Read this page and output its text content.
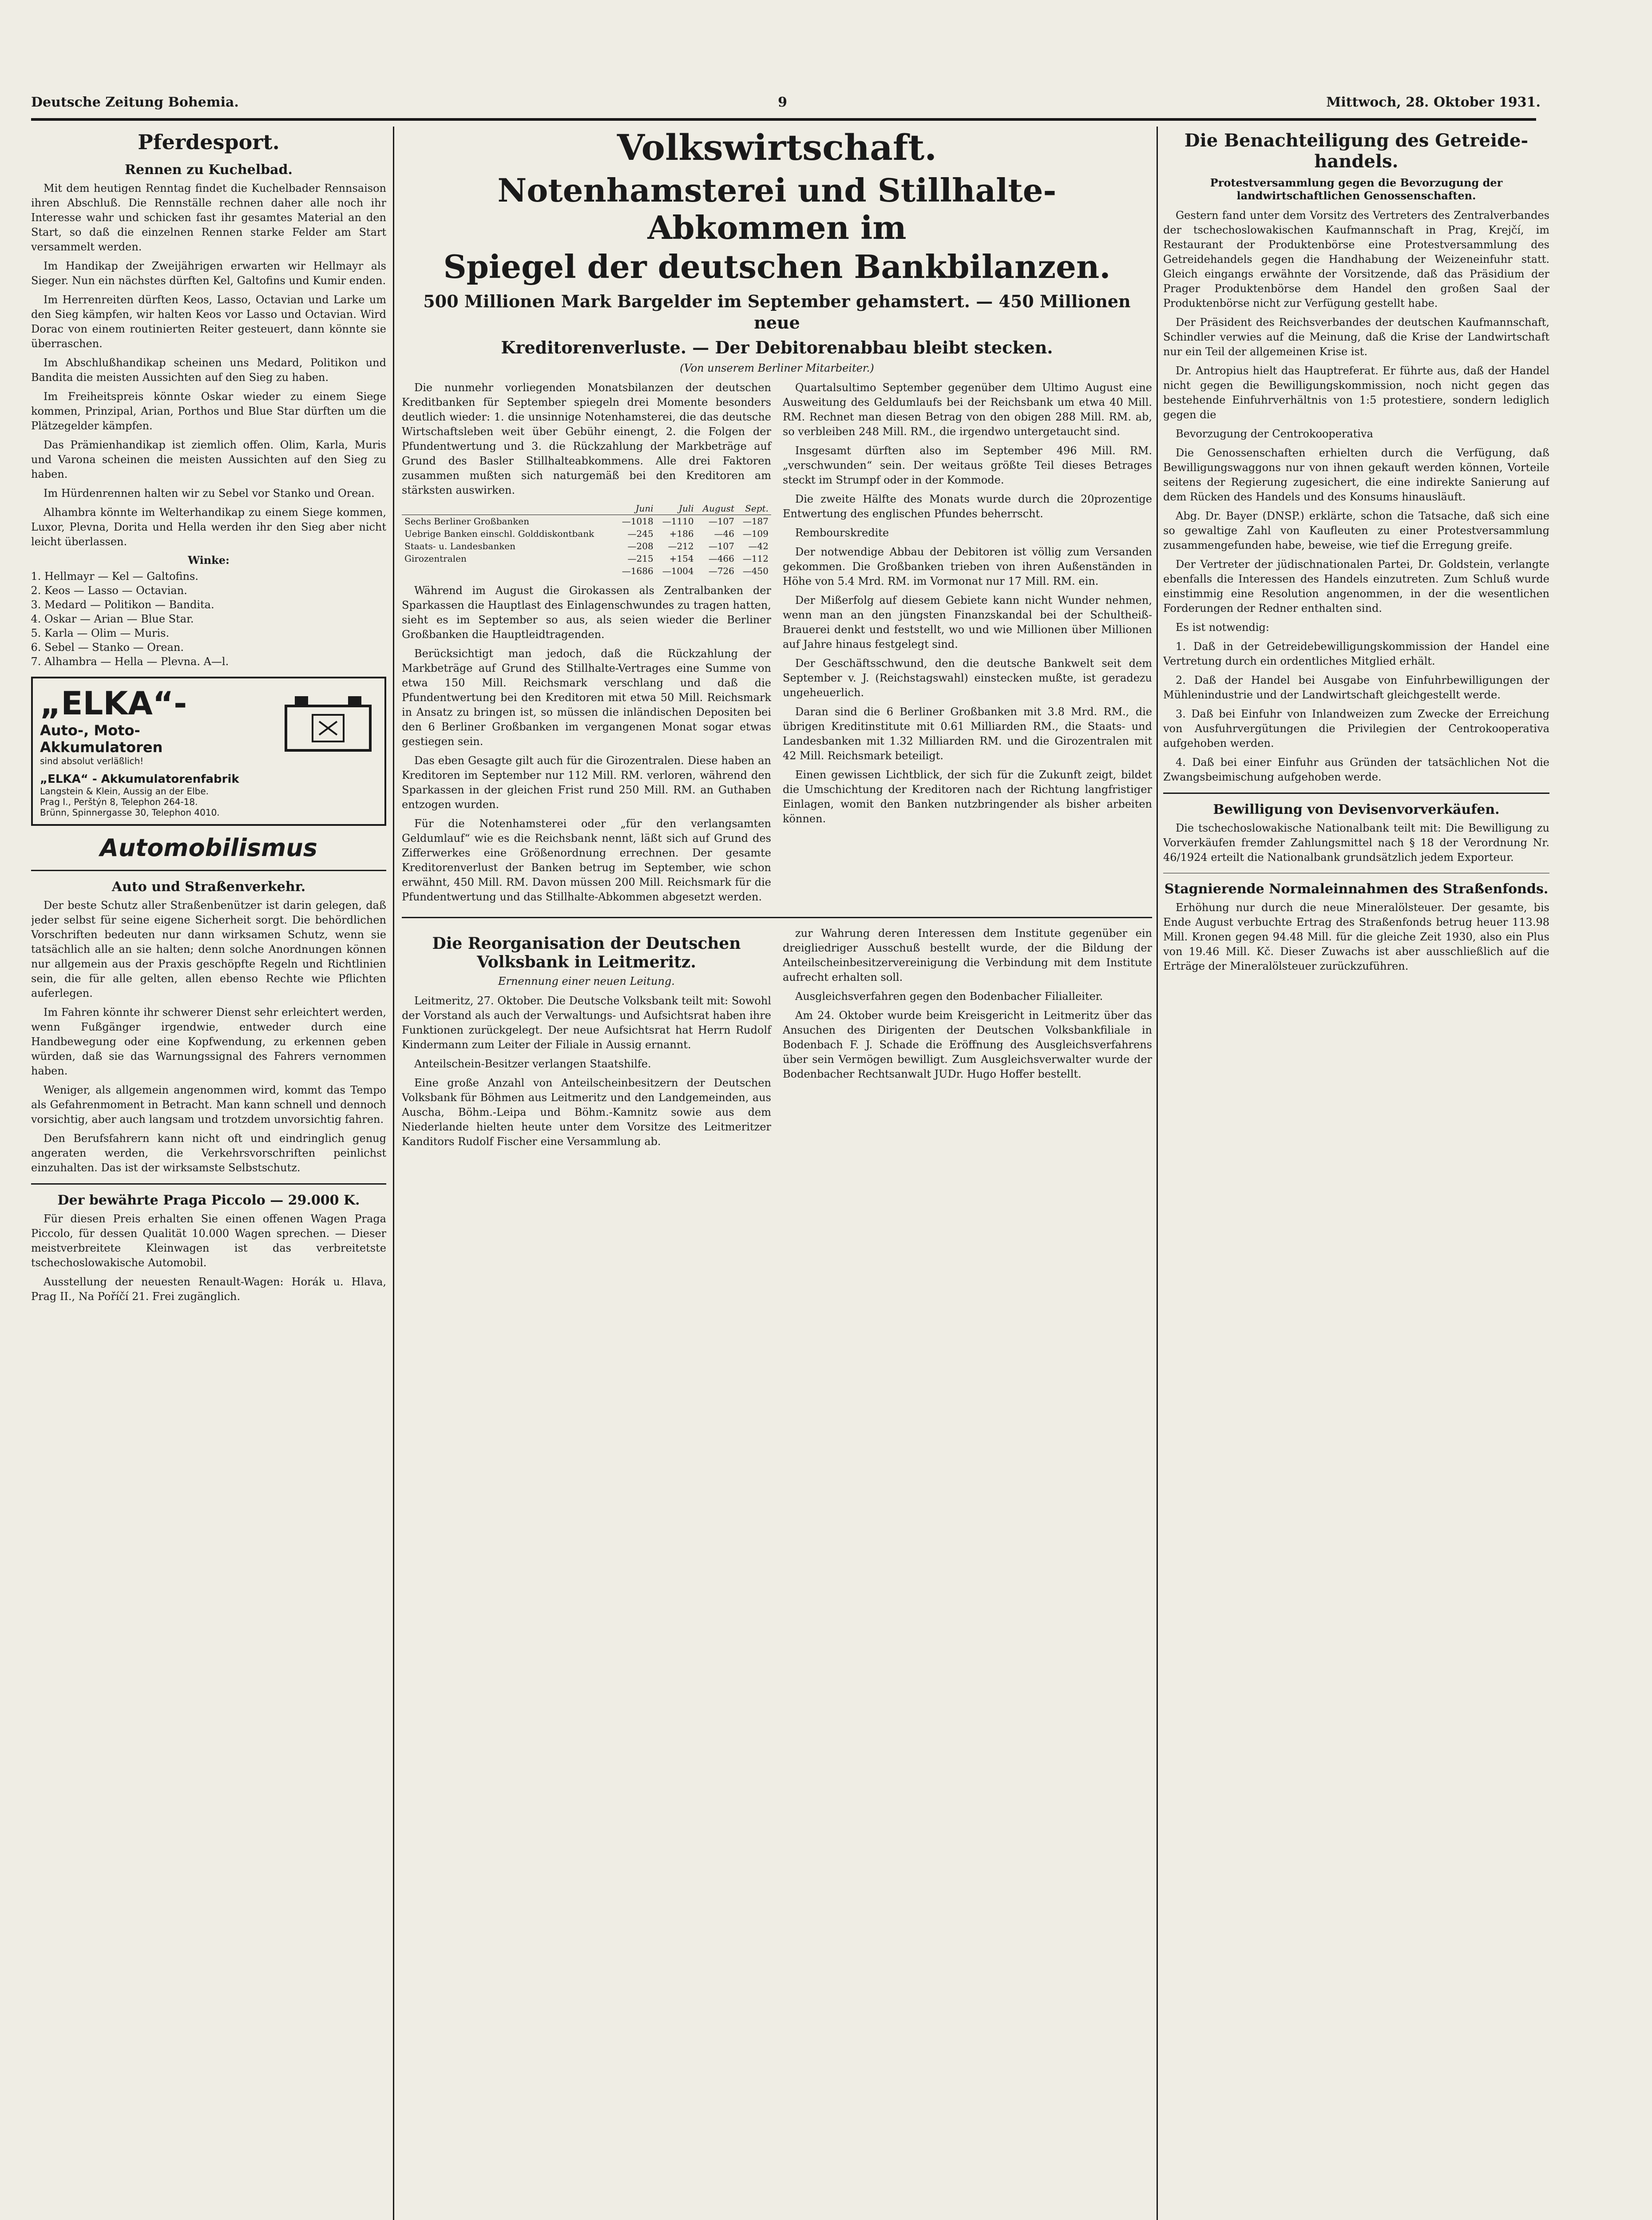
Deutsche Zeitung Bohemia.	9	Mittwoch, 28. Oktober 1931.
Pferdesport.
Rennen zu Kuchelbad.

Mit dem heutigen Renntag findet die Kuchelbader Rennsaison ihren Abschluß. Die Rennställe rechnen daher alle noch ihr Interesse wahr und schicken fast ihr gesamtes Material an den Start, so daß die einzelnen Rennen starke Felder am Start versammelt werden.

Im Handikap der Zweijährigen erwarten wir Hellmayr als Sieger. Nun ein nächstes dürften Kel, Galtofins und Kumir enden.

Im Herrenreiten dürften Keos, Lasso, Octavian und Larke um den Sieg kämpfen, wir halten Keos vor Lasso und Octavian. Wird Dorac von einem routinierten Reiter gesteuert, dann könnte sie überraschen.

Im Abschlußhandikap scheinen uns Medard, Politikon und Bandita die meisten Aussichten auf den Sieg zu haben.

Im Freiheitspreis könnte Oskar wieder zu einem Siege kommen, Prinzipal, Arian, Porthos und Blue Star dürften um die Plätzegelder kämpfen.

Das Prämienhandikap ist ziemlich offen. Olim, Karla, Muris und Varona scheinen die meisten Aussichten auf den Sieg zu haben.

Im Hürdenrennen halten wir zu Sebel vor Stanko und Orean.

Alhambra könnte im Welterhandikap zu einem Siege kommen, Luxor, Plevna, Dorita und Hella werden ihr den Sieg aber nicht leicht überlassen.

Winke:
1. Hellmayr — Kel — Galtofins.
2. Keos — Lasso — Octavian.
3. Medard — Politikon — Bandita.
4. Oskar — Arian — Blue Star.
5. Karla — Olim — Muris.
6. Sebel — Stanko — Orean.
7. Alhambra — Hella — Plevna. A—l.
„ELKA“-
Auto-, Moto-
Akkumulatoren
sind absolut verläßlich!
„ELKA“ - Akkumulatorenfabrik
Langstein & Klein, Aussig an der Elbe.
Prag I., Perštýn 8, Telephon 264-18.
Brünn, Spinnergasse 30, Telephon 4010.
Automobilismus
Auto und Straßenverkehr.

Der beste Schutz aller Straßenbenützer ist darin gelegen, daß jeder selbst für seine eigene Sicherheit sorgt. Die behördlichen Vorschriften bedeuten nur dann wirksamen Schutz, wenn sie tatsächlich alle an sie halten; denn solche Anordnungen können nur allgemein aus der Praxis geschöpfte Regeln und Richtlinien sein, die für alle gelten, allen ebenso Rechte wie Pflichten auferlegen.

Im Fahren könnte ihr schwerer Dienst sehr erleichtert werden, wenn Fußgänger irgendwie, entweder durch eine Handbewegung oder eine Kopfwendung, zu erkennen geben würden, daß sie das Warnungssignal des Fahrers vernommen haben.

Weniger, als allgemein angenommen wird, kommt das Tempo als Gefahrenmoment in Betracht. Man kann schnell und dennoch vorsichtig, aber auch langsam und trotzdem unvorsichtig fahren.

Den Berufsfahrern kann nicht oft und eindringlich genug angeraten werden, die Verkehrsvorschriften peinlichst einzuhalten. Das ist der wirksamste Selbstschutz.

Der bewährte Praga Piccolo — 29.000 K.

Für diesen Preis erhalten Sie einen offenen Wagen Praga Piccolo, für dessen Qualität 10.000 Wagen sprechen. — Dieser meistverbreitete Kleinwagen ist das verbreitetste tschechoslowakische Automobil.

Ausstellung der neuesten Renault-Wagen: Horák u. Hlava, Prag II., Na Poříčí 21. Frei zugänglich.

Volkswirtschaft.
Notenhamsterei und Stillhalte-Abkommen im
Spiegel der deutschen Bankbilanzen.
500 Millionen Mark Bargelder im September gehamstert. — 450 Millionen neue
Kreditorenverluste. — Der Debitorenabbau bleibt stecken.
(Von unserem Berliner Mitarbeiter.)

Die nunmehr vorliegenden Monatsbilanzen der deutschen Kreditbanken für September spiegeln drei Momente besonders deutlich wieder: 1. die unsinnige Notenhamsterei, die das deutsche Wirtschaftsleben weit über Gebühr einengt, 2. die Folgen der Pfundentwertung und 3. die Rückzahlung der Markbeträge auf Grund des Basler Stillhalteabkommens. Alle drei Faktoren zusammen mußten sich naturgemäß bei den Kreditoren am stärksten auswirken.

	Juni	Juli	August	Sept.
Sechs Berliner Großbanken	—1018	—1110	—107	—187
Uebrige Banken einschl. Golddiskontbank	—245	+186	—46	—109
Staats- u. Landesbanken	—208	—212	—107	—42
Girozentralen	—215	+154	—466	—112
	—1686	—1004	—726	—450

Während im August die Girokassen als Zentralbanken der Sparkassen die Hauptlast des Einlagenschwundes zu tragen hatten, sieht es im September so aus, als seien wieder die Berliner Großbanken die Hauptleidtragenden.

Berücksichtigt man jedoch, daß die Rückzahlung der Markbeträge auf Grund des Stillhalte-Vertrages eine Summe von etwa 150 Mill. Reichsmark verschlang und daß die Pfundentwertung bei den Kreditoren mit etwa 50 Mill. Reichsmark in Ansatz zu bringen ist, so müssen die inländischen Depositen bei den 6 Berliner Großbanken im vergangenen Monat sogar etwas gestiegen sein.

Das eben Gesagte gilt auch für die Girozentralen. Diese haben an Kreditoren im September nur 112 Mill. RM. verloren, während den Sparkassen in der gleichen Frist rund 250 Mill. RM. an Guthaben entzogen wurden.

Für die Notenhamsterei oder „für den verlangsamten Geldumlauf“ wie es die Reichsbank nennt, läßt sich auf Grund des Zifferwerkes eine Größenordnung errechnen. Der gesamte Kreditorenverlust der Banken betrug im September, wie schon erwähnt, 450 Mill. RM. Davon müssen 200 Mill. Reichsmark für die Pfundentwertung und das Stillhalte-Abkommen abgesetzt werden.

Quartalsultimo September gegenüber dem Ultimo August eine Ausweitung des Geldumlaufs bei der Reichsbank um etwa 40 Mill. RM. Rechnet man diesen Betrag von den obigen 288 Mill. RM. ab, so verbleiben 248 Mill. RM., die irgendwo untergetaucht sind.

Insgesamt dürften also im September 496 Mill. RM. „verschwunden“ sein. Der weitaus größte Teil dieses Betrages steckt im Strumpf oder in der Kommode.

Die zweite Hälfte des Monats wurde durch die 20prozentige Entwertung des englischen Pfundes beherrscht.

Rembourskredite

Der notwendige Abbau der Debitoren ist völlig zum Versanden gekommen. Die Großbanken trieben von ihren Außenständen in Höhe von 5.4 Mrd. RM. im Vormonat nur 17 Mill. RM. ein.

Der Mißerfolg auf diesem Gebiete kann nicht Wunder nehmen, wenn man an den jüngsten Finanzskandal bei der Schultheiß-Brauerei denkt und feststellt, wo und wie Millionen über Millionen auf Jahre hinaus festgelegt sind.

Der Geschäftsschwund, den die deutsche Bankwelt seit dem September v. J. (Reichstagswahl) einstecken mußte, ist geradezu ungeheuerlich.

Daran sind die 6 Berliner Großbanken mit 3.8 Mrd. RM., die übrigen Kreditinstitute mit 0.61 Milliarden RM., die Staats- und Landesbanken mit 1.32 Milliarden RM. und die Girozentralen mit 42 Mill. Reichsmark beteiligt.

Einen gewissen Lichtblick, der sich für die Zukunft zeigt, bildet die Umschichtung der Kreditoren nach der Richtung langfristiger Einlagen, womit den Banken nutzbringender als bisher arbeiten können.

Die Reorganisation der Deutschen
Volksbank in Leitmeritz.
Ernennung einer neuen Leitung.

Leitmeritz, 27. Oktober. Die Deutsche Volksbank teilt mit: Sowohl der Vorstand als auch der Verwaltungs- und Aufsichtsrat haben ihre Funktionen zurückgelegt. Der neue Aufsichtsrat hat Herrn Rudolf Kindermann zum Leiter der Filiale in Aussig ernannt.

Anteilschein-Besitzer verlangen Staatshilfe.

Eine große Anzahl von Anteilscheinbesitzern der Deutschen Volksbank für Böhmen aus Leitmeritz und den Landgemeinden, aus Auscha, Böhm.-Leipa und Böhm.-Kamnitz sowie aus dem Niederlande hielten heute unter dem Vorsitze des Leitmeritzer Kanditors Rudolf Fischer eine Versammlung ab.

zur Wahrung deren Interessen dem Institute gegenüber ein dreigliedriger Ausschuß bestellt wurde, der die Bildung der Anteilscheinbesitzervereinigung die Verbindung mit dem Institute aufrecht erhalten soll.

Ausgleichsverfahren gegen den Bodenbacher Filialleiter.

Am 24. Oktober wurde beim Kreisgericht in Leitmeritz über das Ansuchen des Dirigenten der Deutschen Volksbankfiliale in Bodenbach F. J. Schade die Eröffnung des Ausgleichsverfahrens über sein Vermögen bewilligt. Zum Ausgleichsverwalter wurde der Bodenbacher Rechtsanwalt JUDr. Hugo Hoffer bestellt.

Die Benachteiligung des Getreide-
handels.
Protestversammlung gegen die Bevorzugung der landwirtschaftlichen Genossenschaften.

Gestern fand unter dem Vorsitz des Vertreters des Zentralverbandes der tschechoslowakischen Kaufmannschaft in Prag, Krejčí, im Restaurant der Produktenbörse eine Protestversammlung des Getreidehandels gegen die Handhabung der Weizeneinfuhr statt. Gleich eingangs erwähnte der Vorsitzende, daß das Präsidium der Prager Produktenbörse dem Handel den großen Saal der Produktenbörse nicht zur Verfügung gestellt habe.

Der Präsident des Reichsverbandes der deutschen Kaufmannschaft, Schindler verwies auf die Meinung, daß die Krise der Landwirtschaft nur ein Teil der allgemeinen Krise ist.

Dr. Antropius hielt das Hauptreferat. Er führte aus, daß der Handel nicht gegen die Bewilligungskommission, noch nicht gegen das bestehende Einfuhrverhältnis von 1:5 protestiere, sondern lediglich gegen die

Bevorzugung der Centrokooperativa

Die Genossenschaften erhielten durch die Verfügung, daß Bewilligungswaggons nur von ihnen gekauft werden können, Vorteile seitens der Regierung zugesichert, die eine indirekte Sanierung auf dem Rücken des Handels und des Konsums hinausläuft.

Abg. Dr. Bayer (DNSP.) erklärte, schon die Tatsache, daß sich eine so gewaltige Zahl von Kaufleuten zu einer Protestversammlung zusammengefunden habe, beweise, wie tief die Erregung greife.

Der Vertreter der jüdischnationalen Partei, Dr. Goldstein, verlangte ebenfalls die Interessen des Handels einzutreten. Zum Schluß wurde einstimmig eine Resolution angenommen, in der die wesentlichen Forderungen der Redner enthalten sind.

Es ist notwendig:

1. Daß in der Getreidebewilligungskommission der Handel eine Vertretung durch ein ordentliches Mitglied erhält.

2. Daß der Handel bei Ausgabe von Einfuhrbewilligungen der Mühlenindustrie und der Landwirtschaft gleichgestellt werde.

3. Daß bei Einfuhr von Inlandweizen zum Zwecke der Erreichung von Ausfuhrvergütungen die Privilegien der Centrokooperativa aufgehoben werden.

4. Daß bei einer Einfuhr aus Gründen der tatsächlichen Not die Zwangsbeimischung aufgehoben werde.

Bewilligung von Devisenvorverkäufen.

Die tschechoslowakische Nationalbank teilt mit: Die Bewilligung zu Vorverkäufen fremder Zahlungsmittel nach § 18 der Verordnung Nr. 46/1924 erteilt die Nationalbank grundsätzlich jedem Exporteur.

Stagnierende Normaleinnahmen des Straßenfonds.

Erhöhung nur durch die neue Mineralölsteuer. Der gesamte, bis Ende August verbuchte Ertrag des Straßenfonds betrug heuer 113.98 Mill. Kronen gegen 94.48 Mill. für die gleiche Zeit 1930, also ein Plus von 19.46 Mill. Kč. Dieser Zuwachs ist aber ausschließlich auf die Erträge der Mineralölsteuer zurückzuführen.
